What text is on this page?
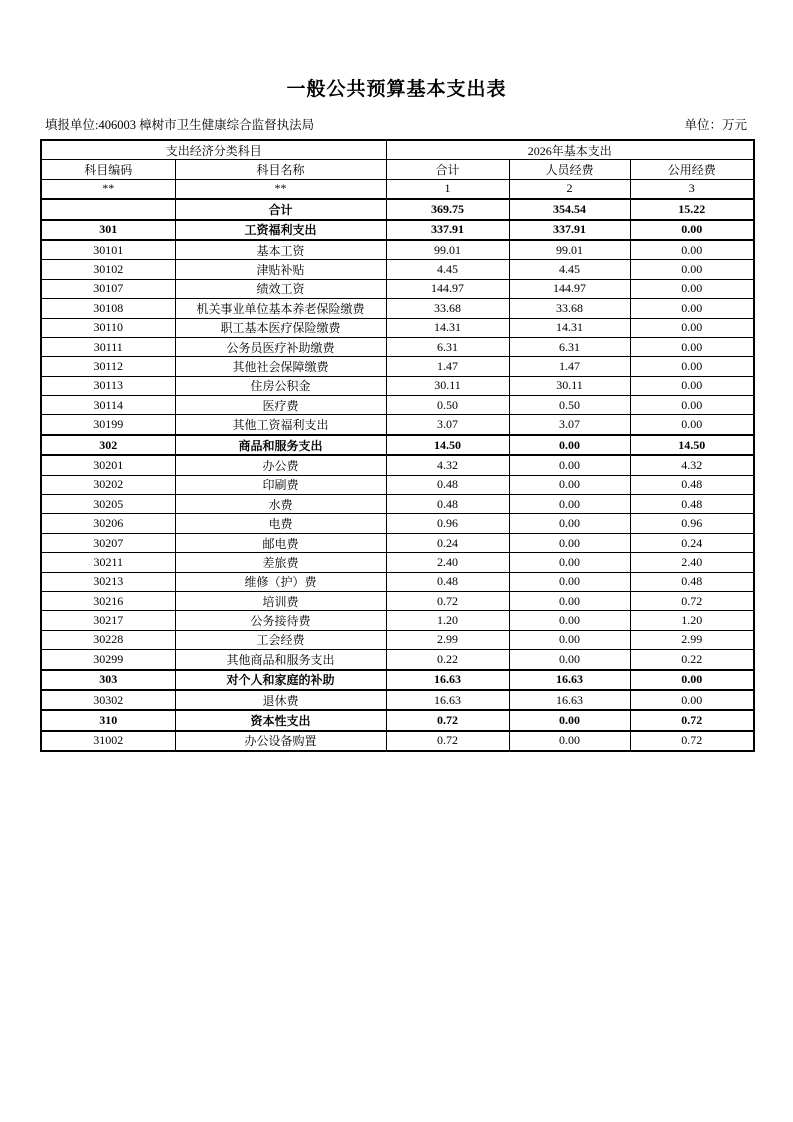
一般公共预算基本支出表
填报单位:406003 樟树市卫生健康综合监督执法局	单位：万元
支出经济分类科目		2026年基本支出		
科目编码	科目名称	合计	人员经费	公用经费
**	**	1	2	3
	合计	369.75	354.54	15.22
301	工资福利支出	337.91	337.91	0.00
30101	基本工资	99.01	99.01	0.00
30102	津贴补贴	4.45	4.45	0.00
30107	绩效工资	144.97	144.97	0.00
30108	机关事业单位基本养老保险缴费	33.68	33.68	0.00
30110	职工基本医疗保险缴费	14.31	14.31	0.00
30111	公务员医疗补助缴费	6.31	6.31	0.00
30112	其他社会保障缴费	1.47	1.47	0.00
30113	住房公积金	30.11	30.11	0.00
30114	医疗费	0.50	0.50	0.00
30199	其他工资福利支出	3.07	3.07	0.00
302	商品和服务支出	14.50	0.00	14.50
30201	办公费	4.32	0.00	4.32
30202	印刷费	0.48	0.00	0.48
30205	水费	0.48	0.00	0.48
30206	电费	0.96	0.00	0.96
30207	邮电费	0.24	0.00	0.24
30211	差旅费	2.40	0.00	2.40
30213	维修（护）费	0.48	0.00	0.48
30216	培训费	0.72	0.00	0.72
30217	公务接待费	1.20	0.00	1.20
30228	工会经费	2.99	0.00	2.99
30299	其他商品和服务支出	0.22	0.00	0.22
303	对个人和家庭的补助	16.63	16.63	0.00
30302	退休费	16.63	16.63	0.00
310	资本性支出	0.72	0.00	0.72
31002	办公设备购置	0.72	0.00	0.72
